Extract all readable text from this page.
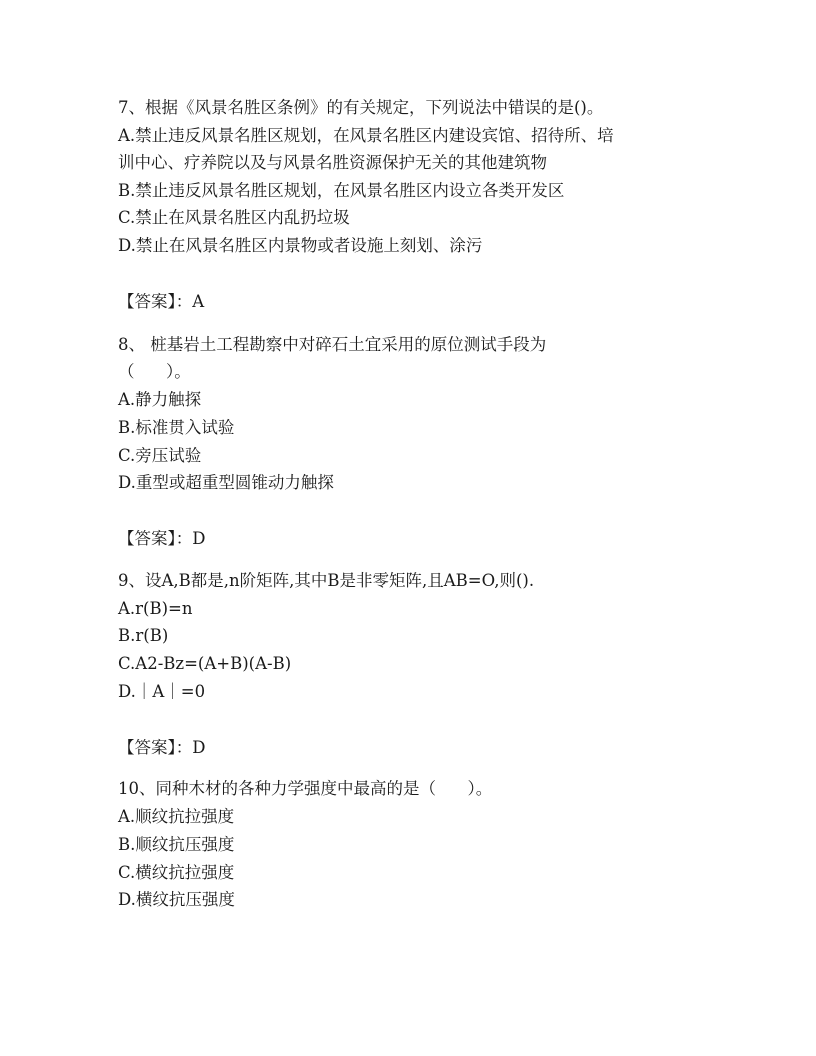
7、根据《风景名胜区条例》的有关规定，下列说法中错误的是()。
A.禁止违反风景名胜区规划，在风景名胜区内建设宾馆、招待所、培
训中心、疗养院以及与风景名胜资源保护无关的其他建筑物
B.禁止违反风景名胜区规划，在风景名胜区内设立各类开发区
C.禁止在风景名胜区内乱扔垃圾
D.禁止在风景名胜区内景物或者设施上刻划、涂污
【答案】：A
8、 桩基岩土工程勘察中对碎石土宜采用的原位测试手段为
（      ）。
A.静力触探
B.标准贯入试验
C.旁压试验
D.重型或超重型圆锥动力触探
【答案】：D
9、设A,B都是,n阶矩阵,其中B是非零矩阵,且AB=O,则().
A.r(B)=n
B.r(B)
C.A2-Bz=(A+B)(A-B)
D.｜A｜=0
【答案】：D
10、同种木材的各种力学强度中最高的是（      ）。
A.顺纹抗拉强度
B.顺纹抗压强度
C.横纹抗拉强度
D.横纹抗压强度
